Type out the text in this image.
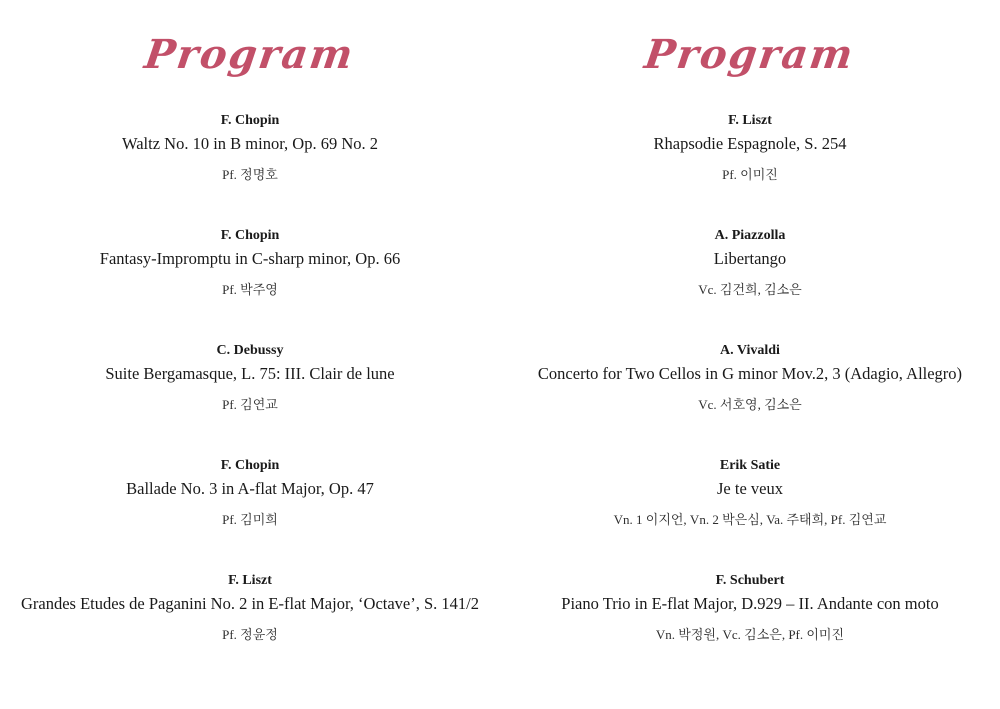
Program
F. Chopin
Waltz No. 10 in B minor, Op. 69 No. 2
Pf. 정명호
F. Chopin
Fantasy-Impromptu in C-sharp minor, Op. 66
Pf. 박주영
C. Debussy
Suite Bergamasque, L. 75: III. Clair de lune
Pf. 김연교
F. Chopin
Ballade No. 3 in A-flat Major, Op. 47
Pf. 김미희
F. Liszt
Grandes Etudes de Paganini No. 2 in E-flat Major, ‘Octave’, S. 141/2
Pf. 정윤정
Program
F. Liszt
Rhapsodie Espagnole, S. 254
Pf. 이미진
A. Piazzolla
Libertango
Vc. 김건희, 김소은
A. Vivaldi
Concerto for Two Cellos in G minor Mov.2, 3 (Adagio, Allegro)
Vc. 서호영, 김소은
Erik Satie
Je te veux
Vn. 1 이지언, Vn. 2 박은심, Va. 주태희, Pf. 김연교
F. Schubert
Piano Trio in E-flat Major, D.929 – II. Andante con moto
Vn. 박정원, Vc. 김소은, Pf. 이미진
